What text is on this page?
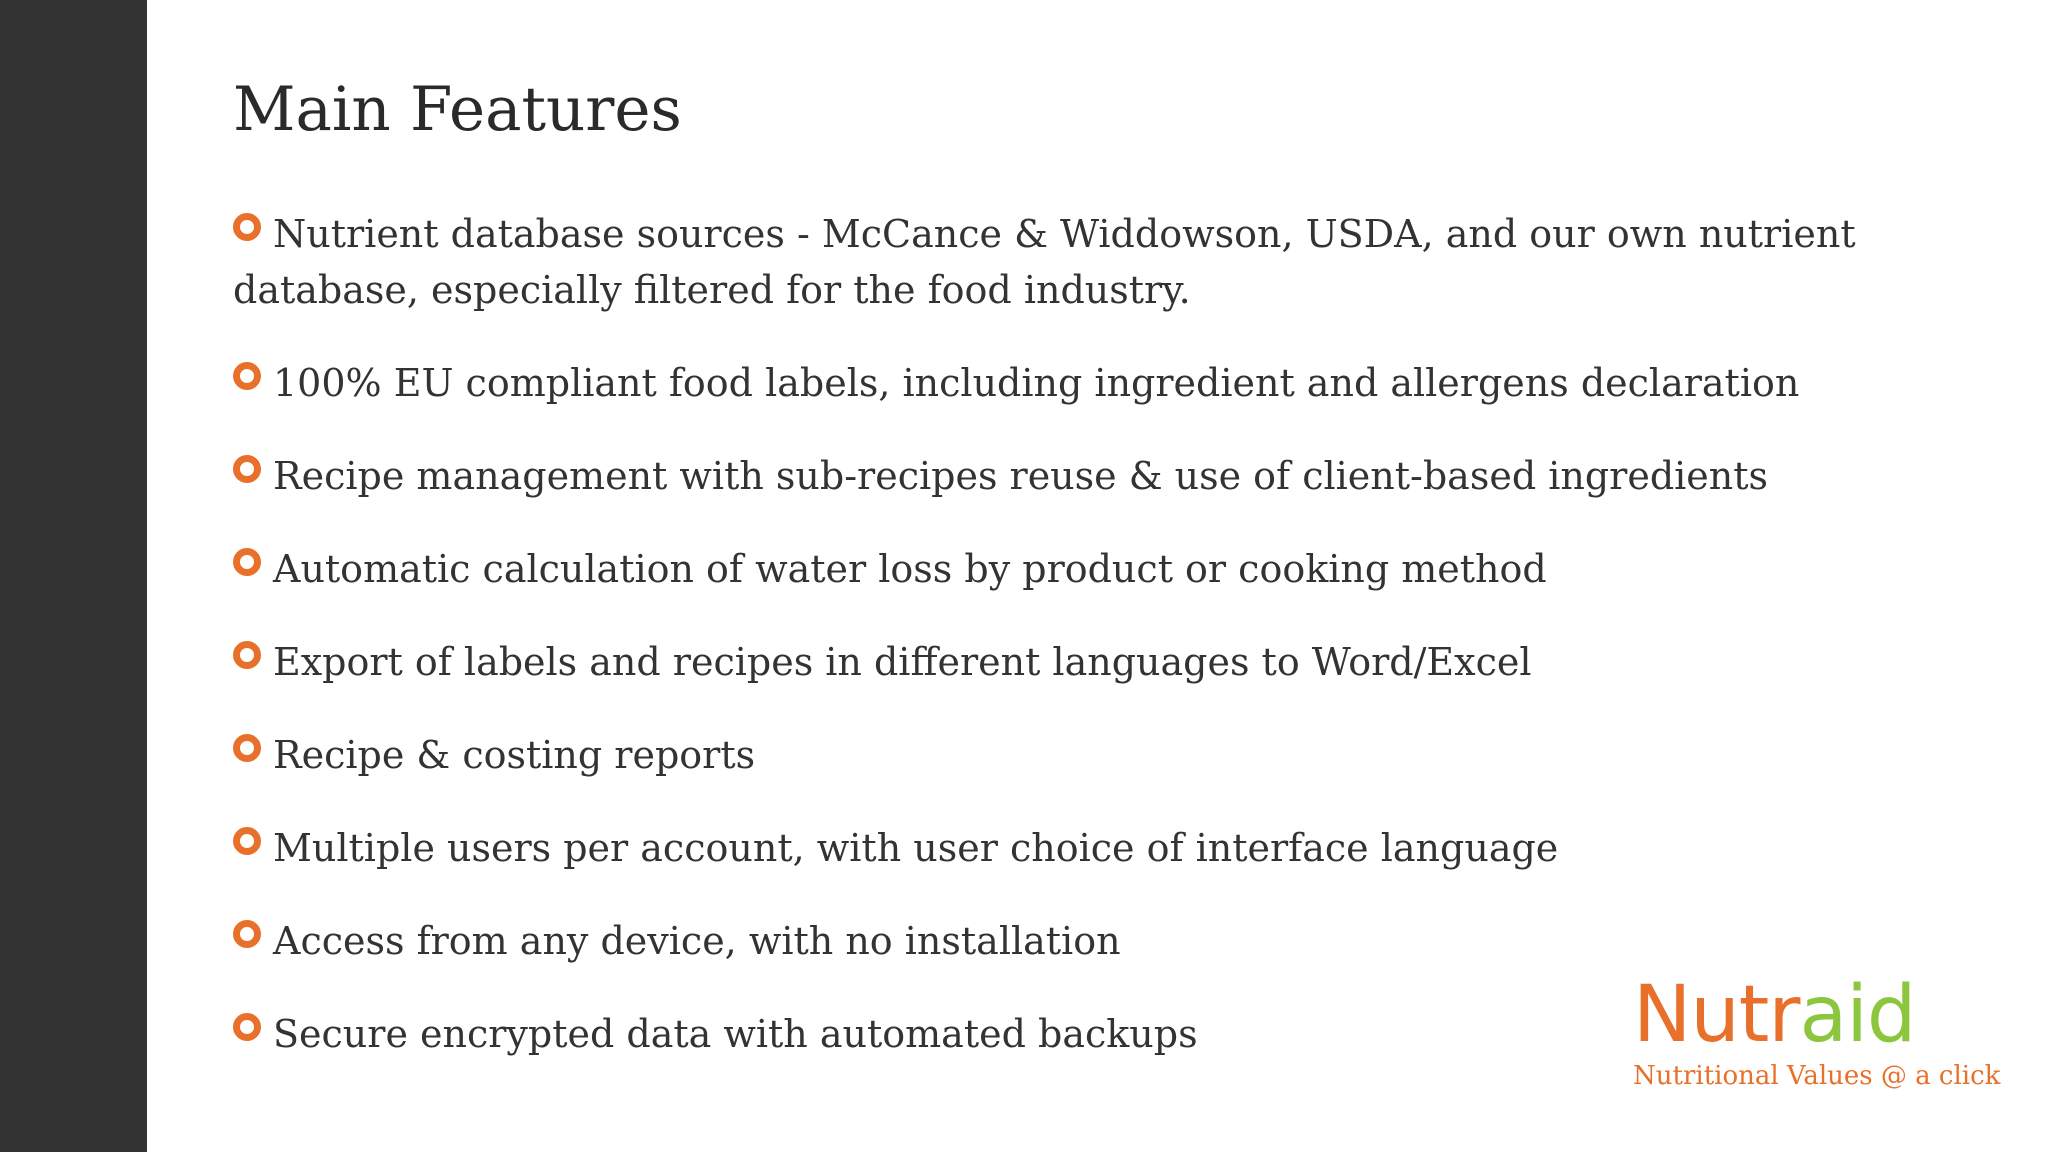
Main Features
Nutrient database sources - McCance & Widdowson, USDA, and our own nutrient database, especially filtered for the food industry.
100% EU compliant food labels, including ingredient and allergens declaration
Recipe management with sub-recipes reuse & use of client-based ingredients
Automatic calculation of water loss by product or cooking method
Export of labels and recipes in different languages to Word/Excel
Recipe & costing reports
Multiple users per account, with user choice of interface language
Access from any device, with no installation
Secure encrypted data with automated backups	Nutraid
Nutritional Values @ a click
